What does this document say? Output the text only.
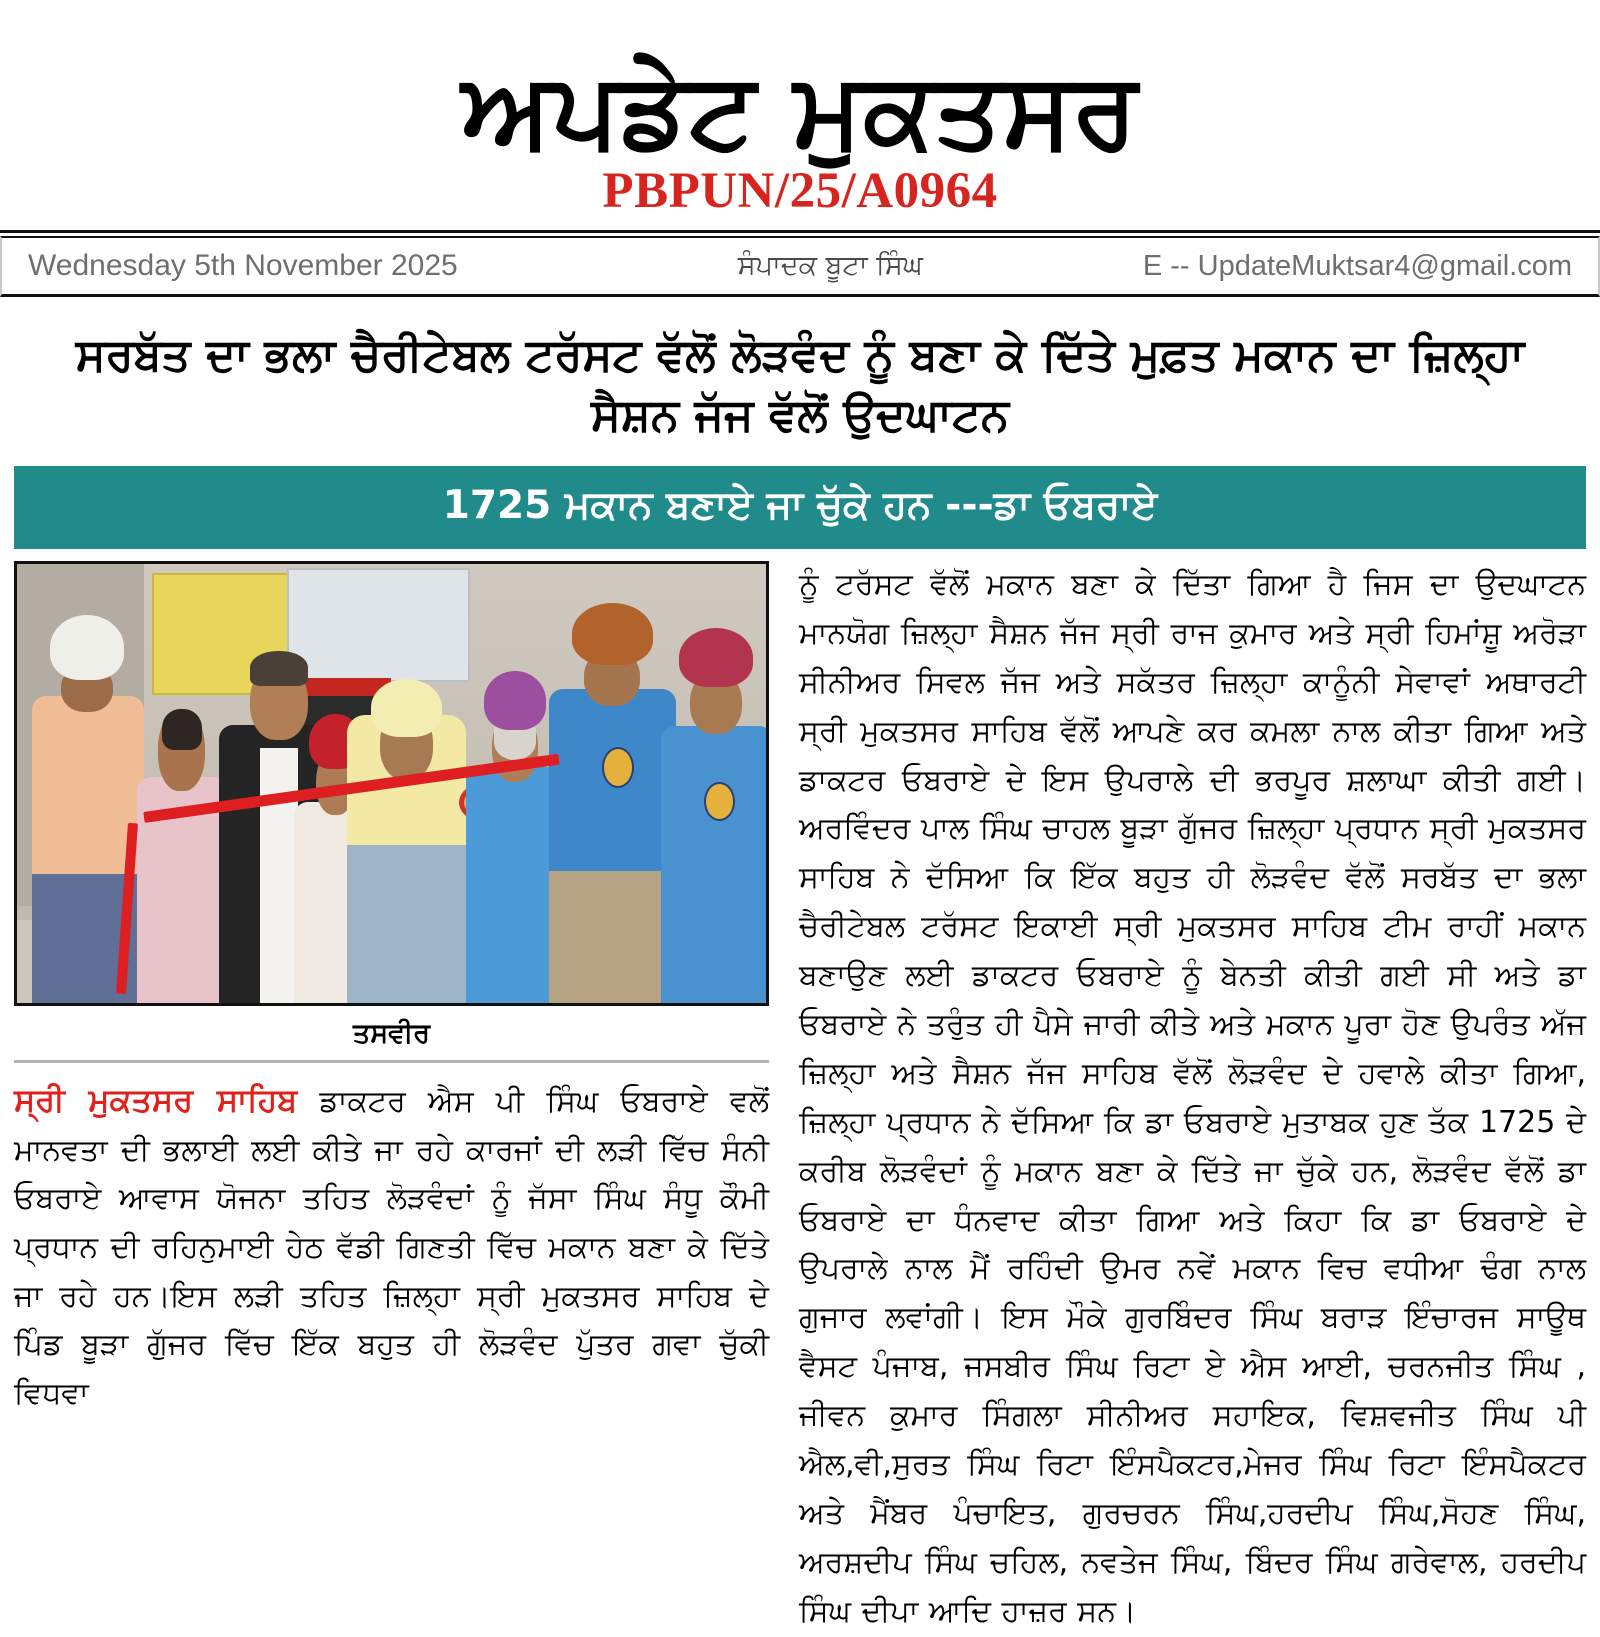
ਅਪਡੇਟ ਮੁਕਤਸਰ
PBPUN/25/A0964
Wednesday 5th November 2025	ਸੰਪਾਦਕ ਬੂਟਾ ਸਿੰਘ	E -- UpdateMuktsar4@gmail.com
ਸਰਬੱਤ ਦਾ ਭਲਾ ਚੈਰੀਟੇਬਲ ਟਰੱਸਟ ਵੱਲੋਂ ਲੋੜਵੰਦ ਨੂੰ ਬਣਾ ਕੇ ਦਿੱਤੇ ਮੁਫ਼ਤ ਮਕਾਨ ਦਾ ਜ਼ਿਲ੍ਹਾ ਸੈਸ਼ਨ ਜੱਜ ਵੱਲੋਂ ਉਦਘਾਟਨ
1725 ਮਕਾਨ ਬਣਾਏ ਜਾ ਚੁੱਕੇ ਹਨ ---ਡਾ ਓਬਰਾਏ
ਤਸਵੀਰ
ਸ੍ਰੀ ਮੁਕਤਸਰ ਸਾਹਿਬ ਡਾਕਟਰ ਐਸ ਪੀ ਸਿੰਘ ਓਬਰਾਏ ਵਲੋਂ ਮਾਨਵਤਾ ਦੀ ਭਲਾਈ ਲਈ ਕੀਤੇ ਜਾ ਰਹੇ ਕਾਰਜਾਂ ਦੀ ਲੜੀ ਵਿੱਚ ਸੰਨੀ ਓਬਰਾਏ ਆਵਾਸ ਯੋਜਨਾ ਤਹਿਤ ਲੋੜਵੰਦਾਂ ਨੂੰ ਜੱਸਾ ਸਿੰਘ ਸੰਧੂ ਕੌਮੀ ਪ੍ਰਧਾਨ ਦੀ ਰਹਿਨੁਮਾਈ ਹੇਠ ਵੱਡੀ ਗਿਣਤੀ ਵਿੱਚ ਮਕਾਨ ਬਣਾ ਕੇ ਦਿੱਤੇ ਜਾ ਰਹੇ ਹਨ।ਇਸ ਲੜੀ ਤਹਿਤ ਜ਼ਿਲ੍ਹਾ ਸ੍ਰੀ ਮੁਕਤਸਰ ਸਾਹਿਬ ਦੇ ਪਿੰਡ ਬੂੜਾ ਗੁੱਜਰ ਵਿੱਚ ਇੱਕ ਬਹੁਤ ਹੀ ਲੋੜਵੰਦ ਪੁੱਤਰ ਗਵਾ ਚੁੱਕੀ ਵਿਧਵਾ
ਨੂੰ ਟਰੱਸਟ ਵੱਲੋਂ ਮਕਾਨ ਬਣਾ ਕੇ ਦਿੱਤਾ ਗਿਆ ਹੈ ਜਿਸ ਦਾ ਉਦਘਾਟਨ ਮਾਨਯੋਗ ਜ਼ਿਲ੍ਹਾ ਸੈਸ਼ਨ ਜੱਜ ਸ੍ਰੀ ਰਾਜ ਕੁਮਾਰ ਅਤੇ ਸ੍ਰੀ ਹਿਮਾਂਸ਼ੂ ਅਰੋੜਾ ਸੀਨੀਅਰ ਸਿਵਲ ਜੱਜ ਅਤੇ ਸਕੱਤਰ ਜ਼ਿਲ੍ਹਾ ਕਾਨੂੰਨੀ ਸੇਵਾਵਾਂ ਅਥਾਰਟੀ ਸ੍ਰੀ ਮੁਕਤਸਰ ਸਾਹਿਬ ਵੱਲੋਂ ਆਪਣੇ ਕਰ ਕਮਲਾ ਨਾਲ ਕੀਤਾ ਗਿਆ ਅਤੇ ਡਾਕਟਰ ਓਬਰਾਏ ਦੇ ਇਸ ਉਪਰਾਲੇ ਦੀ ਭਰਪੂਰ ਸ਼ਲਾਘਾ ਕੀਤੀ ਗਈ। ਅਰਵਿੰਦਰ ਪਾਲ ਸਿੰਘ ਚਾਹਲ ਬੂੜਾ ਗੁੱਜਰ ਜ਼ਿਲ੍ਹਾ ਪ੍ਰਧਾਨ ਸ੍ਰੀ ਮੁਕਤਸਰ ਸਾਹਿਬ ਨੇ ਦੱਸਿਆ ਕਿ ਇੱਕ ਬਹੁਤ ਹੀ ਲੋੜਵੰਦ ਵੱਲੋਂ ਸਰਬੱਤ ਦਾ ਭਲਾ ਚੈਰੀਟੇਬਲ ਟਰੱਸਟ ਇਕਾਈ ਸ੍ਰੀ ਮੁਕਤਸਰ ਸਾਹਿਬ ਟੀਮ ਰਾਹੀਂ ਮਕਾਨ ਬਣਾਉਣ ਲਈ ਡਾਕਟਰ ਓਬਰਾਏ ਨੂੰ ਬੇਨਤੀ ਕੀਤੀ ਗਈ ਸੀ ਅਤੇ ਡਾ ਓਬਰਾਏ ਨੇ ਤਰੁੰਤ ਹੀ ਪੈਸੇ ਜਾਰੀ ਕੀਤੇ ਅਤੇ ਮਕਾਨ ਪੂਰਾ ਹੋਣ ਉਪਰੰਤ ਅੱਜ ਜ਼ਿਲ੍ਹਾ ਅਤੇ ਸੈਸ਼ਨ ਜੱਜ ਸਾਹਿਬ ਵੱਲੋਂ ਲੋੜਵੰਦ ਦੇ ਹਵਾਲੇ ਕੀਤਾ ਗਿਆ, ਜ਼ਿਲ੍ਹਾ ਪ੍ਰਧਾਨ ਨੇ ਦੱਸਿਆ ਕਿ ਡਾ ਓਬਰਾਏ ਮੁਤਾਬਕ ਹੁਣ ਤੱਕ 1725 ਦੇ ਕਰੀਬ ਲੋੜਵੰਦਾਂ ਨੂੰ ਮਕਾਨ ਬਣਾ ਕੇ ਦਿੱਤੇ ਜਾ ਚੁੱਕੇ ਹਨ, ਲੋੜਵੰਦ ਵੱਲੋਂ ਡਾ ਓਬਰਾਏ ਦਾ ਧੰਨਵਾਦ ਕੀਤਾ ਗਿਆ ਅਤੇ ਕਿਹਾ ਕਿ ਡਾ ਓਬਰਾਏ ਦੇ ਉਪਰਾਲੇ ਨਾਲ ਮੈਂ ਰਹਿੰਦੀ ਉਮਰ ਨਵੇਂ ਮਕਾਨ ਵਿਚ ਵਧੀਆ ਢੰਗ ਨਾਲ ਗੁਜਾਰ ਲਵਾਂਗੀ। ਇਸ ਮੌਕੇ ਗੁਰਬਿੰਦਰ ਸਿੰਘ ਬਰਾੜ ਇੰਚਾਰਜ ਸਾਊਥ ਵੈਸਟ ਪੰਜਾਬ, ਜਸਬੀਰ ਸਿੰਘ ਰਿਟਾ ਏ ਐਸ ਆਈ, ਚਰਨਜੀਤ ਸਿੰਘ , ਜੀਵਨ ਕੁਮਾਰ ਸਿੰਗਲਾ ਸੀਨੀਅਰ ਸਹਾਇਕ, ਵਿਸ਼ਵਜੀਤ ਸਿੰਘ ਪੀ ਐਲ,ਵੀ,ਸੁਰਤ ਸਿੰਘ ਰਿਟਾ ਇੰਸਪੈਕਟਰ,ਮੇਜਰ ਸਿੰਘ ਰਿਟਾ ਇੰਸਪੈਕਟਰ ਅਤੇ ਮੈਂਬਰ ਪੰਚਾਇਤ, ਗੁਰਚਰਨ ਸਿੰਘ,ਹਰਦੀਪ ਸਿੰਘ,ਸੋਹਣ ਸਿੰਘ, ਅਰਸ਼ਦੀਪ ਸਿੰਘ ਚਹਿਲ, ਨਵਤੇਜ ਸਿੰਘ, ਬਿੰਦਰ ਸਿੰਘ ਗਰੇਵਾਲ, ਹਰਦੀਪ ਸਿੰਘ ਦੀਪਾ ਆਦਿ ਹਾਜ਼ਰ ਸਨ।
